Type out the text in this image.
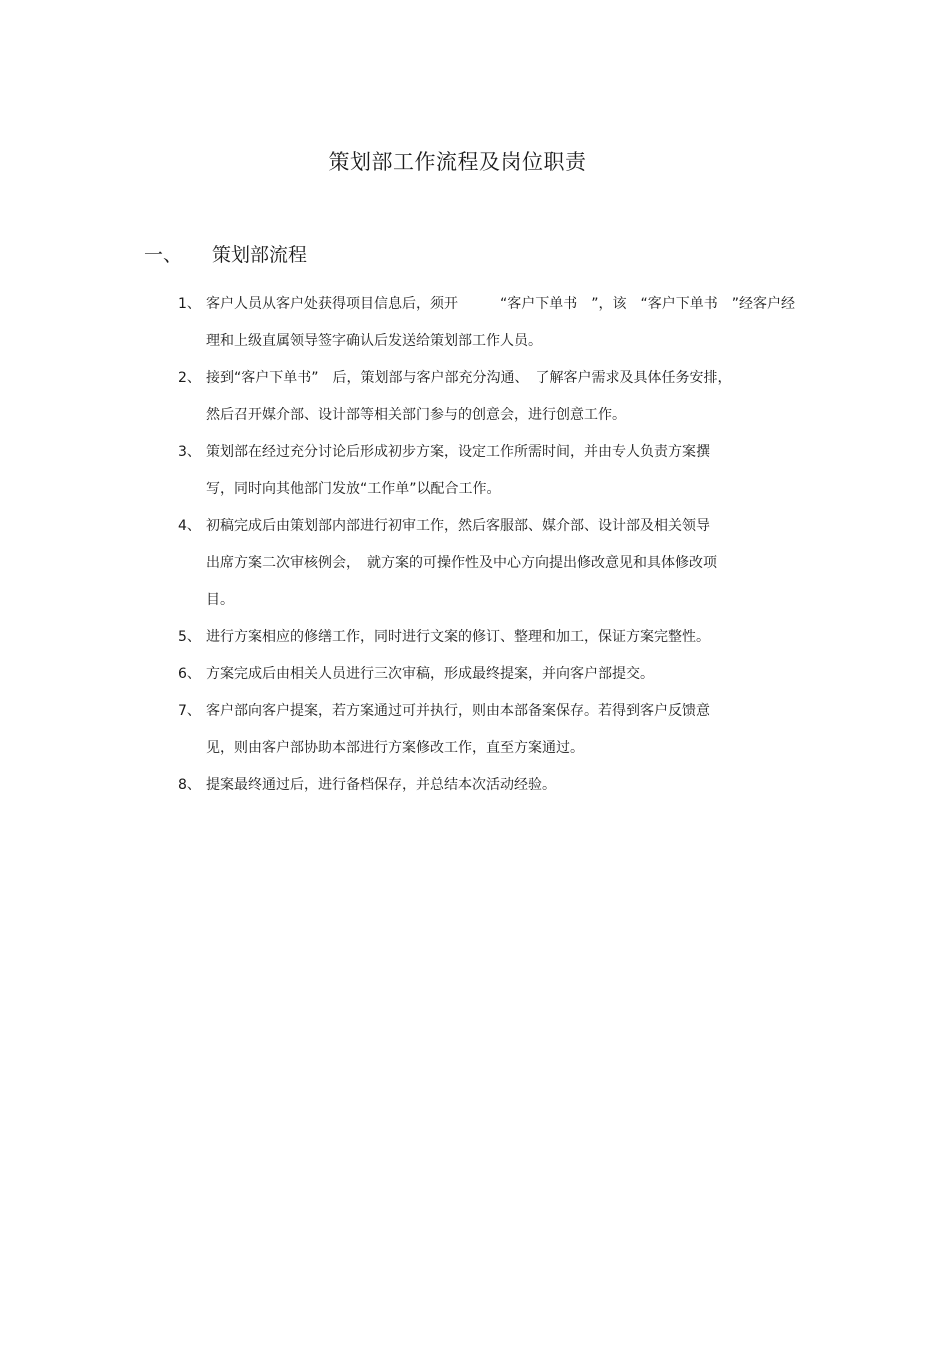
策划部工作流程及岗位职责
一、 策划部流程
1、 客户人员从客户处获得项目信息后，须开　　　“客户下单书　”，该　“客户下单书　”经客户经
理和上级直属领导签字确认后发送给策划部工作人员。
2、 接到“客户下单书”　后，策划部与客户部充分沟通、　了解客户需求及具体任务安排，
然后召开媒介部、设计部等相关部门参与的创意会，进行创意工作。
3、 策划部在经过充分讨论后形成初步方案，设定工作所需时间，并由专人负责方案撰
写，同时向其他部门发放“工作单”以配合工作。
4、 初稿完成后由策划部内部进行初审工作，然后客服部、媒介部、设计部及相关领导
出席方案二次审核例会，　就方案的可操作性及中心方向提出修改意见和具体修改项
目。
5、 进行方案相应的修缮工作，同时进行文案的修订、整理和加工，保证方案完整性。
6、 方案完成后由相关人员进行三次审稿，形成最终提案，并向客户部提交。
7、 客户部向客户提案，若方案通过可并执行，则由本部备案保存。若得到客户反馈意
见，则由客户部协助本部进行方案修改工作，直至方案通过。
8、 提案最终通过后，进行备档保存，并总结本次活动经验。
